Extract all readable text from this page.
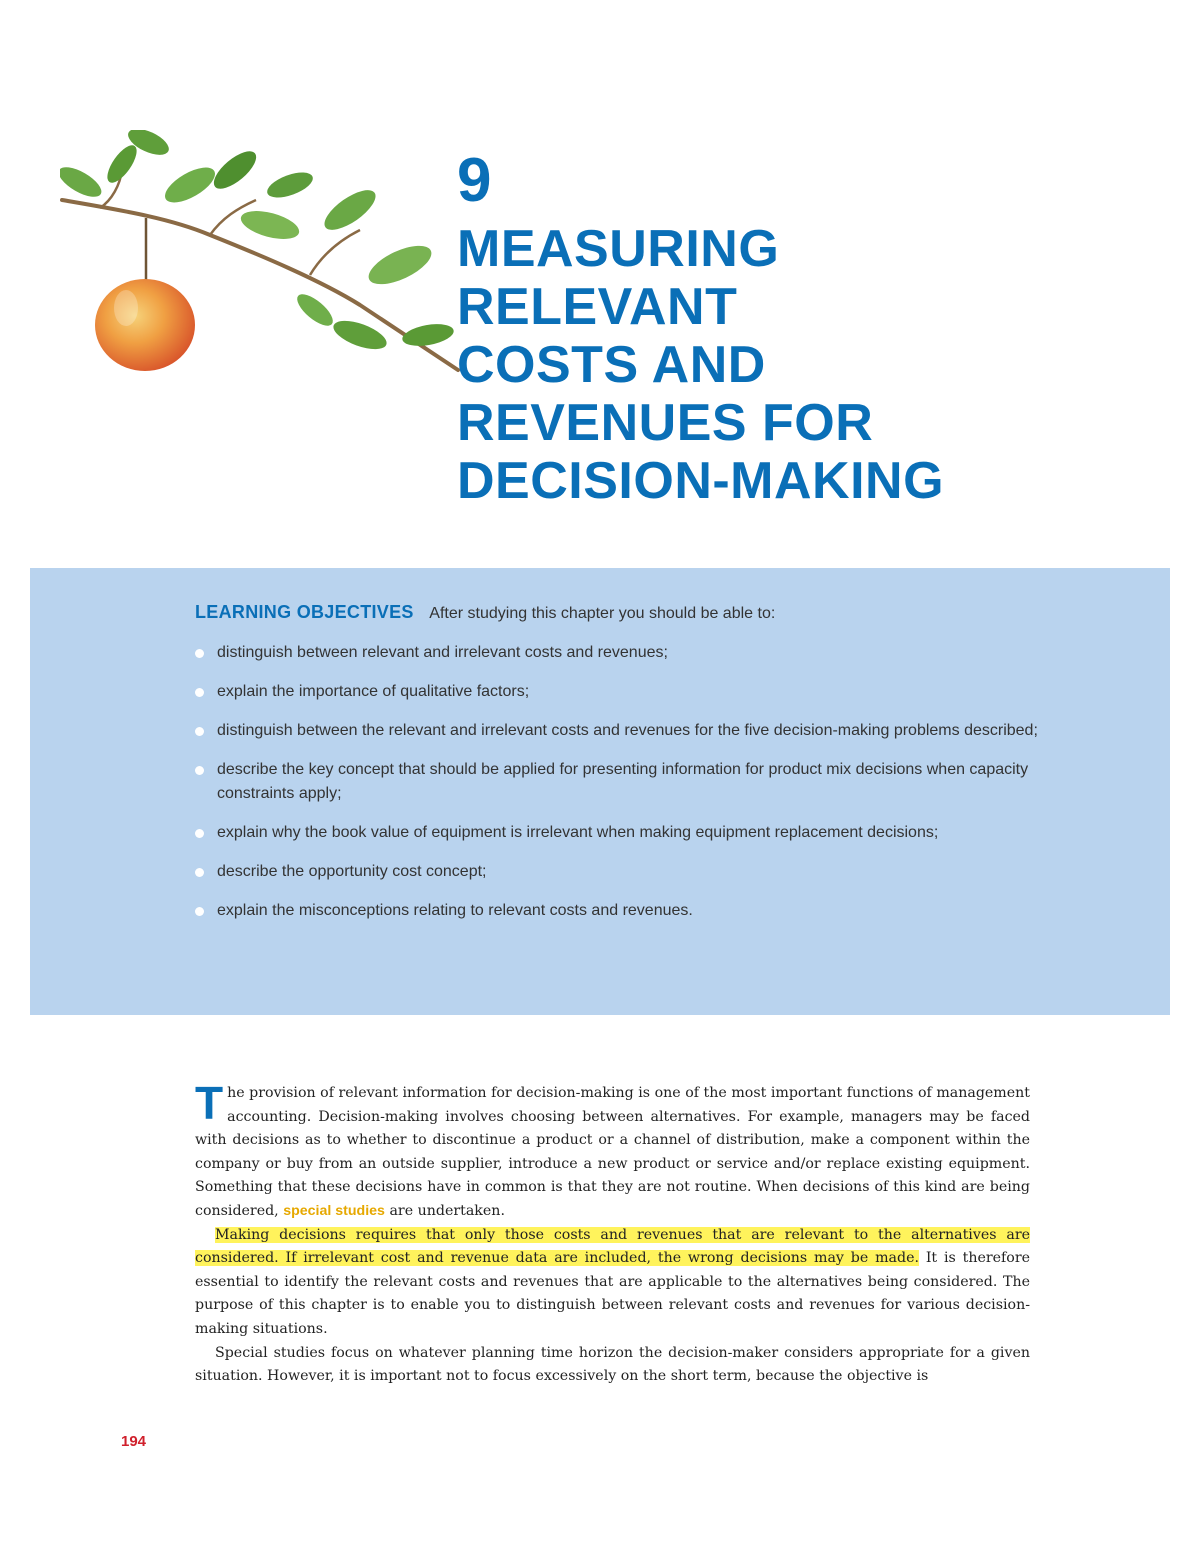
9
MEASURING
RELEVANT
COSTS AND
REVENUES FOR
DECISION-MAKING
LEARNING OBJECTIVES After studying this chapter you should be able to:
distinguish between relevant and irrelevant costs and revenues;
explain the importance of qualitative factors;
distinguish between the relevant and irrelevant costs and revenues for the five decision-making problems described;
describe the key concept that should be applied for presenting information for product mix decisions when capacity constraints apply;
explain why the book value of equipment is irrelevant when making equipment replacement decisions;
describe the opportunity cost concept;
explain the misconceptions relating to relevant costs and revenues.

The provision of relevant information for decision-making is one of the most important functions of management accounting. Decision-making involves choosing between alternatives. For example, managers may be faced with decisions as to whether to discontinue a product or a channel of distribution, make a component within the company or buy from an outside supplier, introduce a new product or service and/or replace existing equipment. Something that these decisions have in common is that they are not routine. When decisions of this kind are being considered, special studies are undertaken.

Making decisions requires that only those costs and revenues that are relevant to the alternatives are considered. If irrelevant cost and revenue data are included, the wrong decisions may be made. It is therefore essential to identify the relevant costs and revenues that are applicable to the alternatives being considered. The purpose of this chapter is to enable you to distinguish between relevant costs and revenues for various decision-making situations.

Special studies focus on whatever planning time horizon the decision-maker considers appropriate for a given situation. However, it is important not to focus excessively on the short term, because the objective is

194
